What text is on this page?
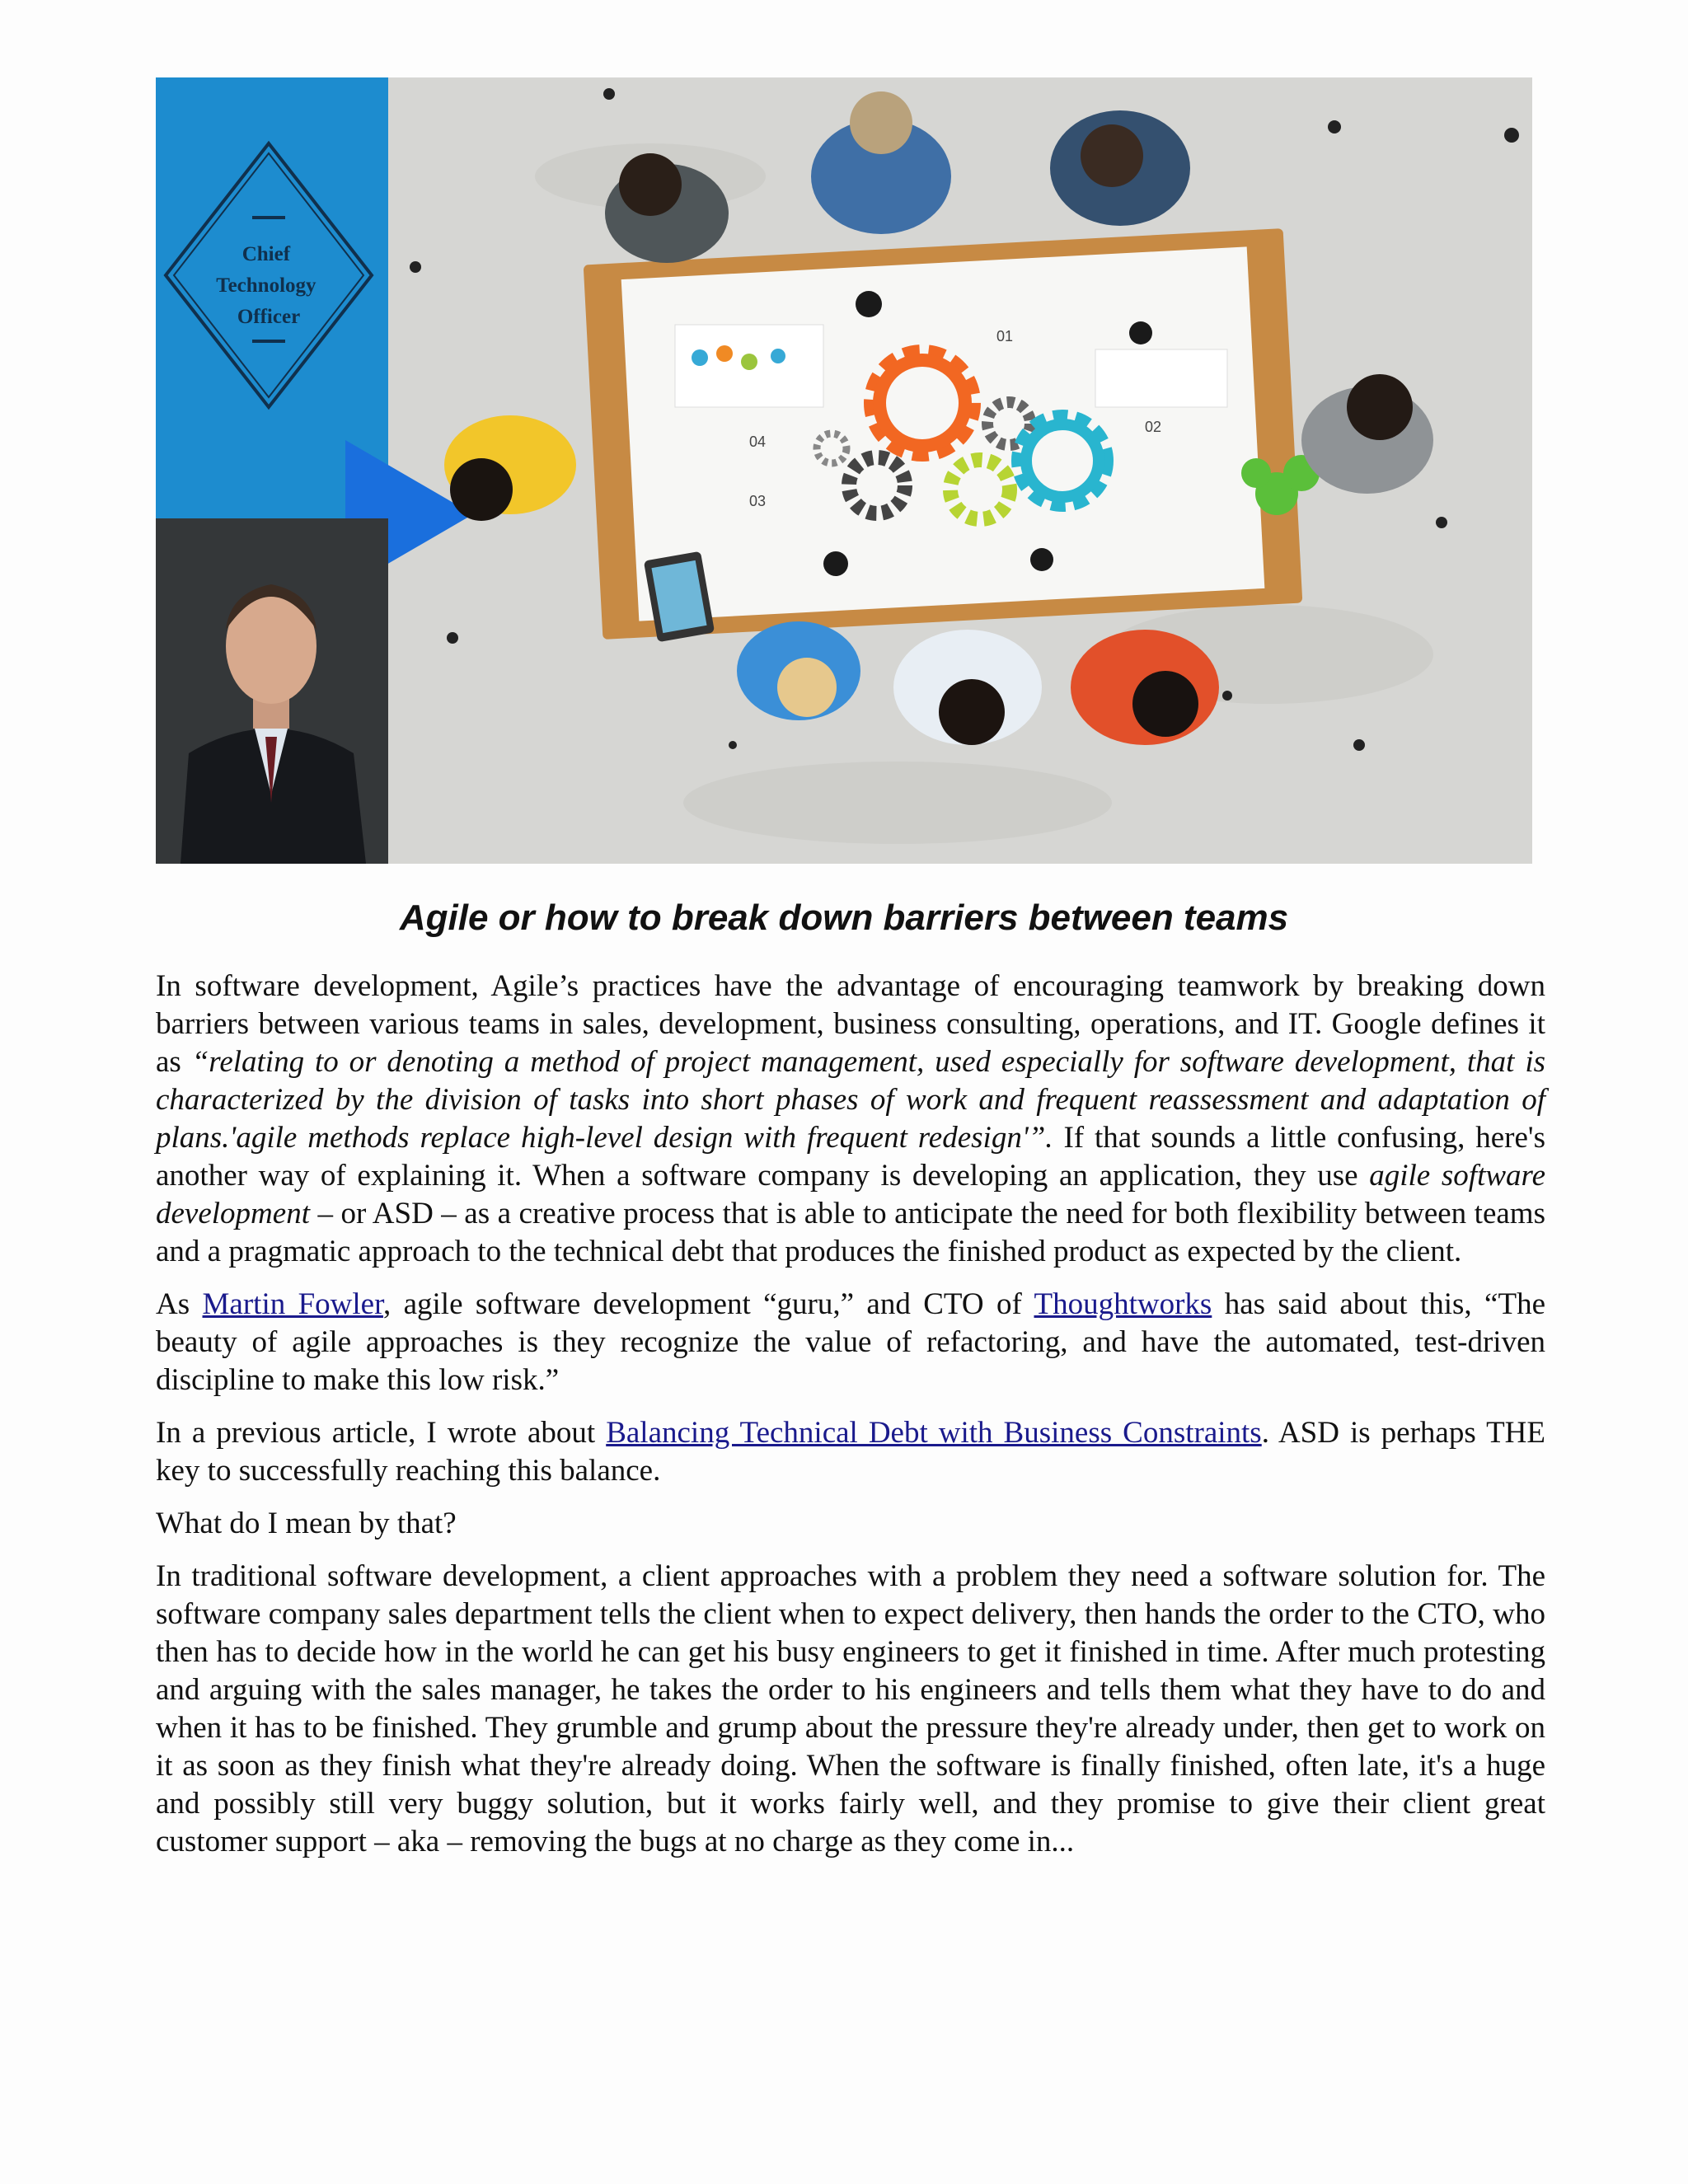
Chief Technology Officer
01
02
03
04
Agile or how to break down barriers between teams

In software development, Agile’s practices have the advantage of encouraging teamwork by breaking down barriers between various teams in sales, development, business consulting, operations, and IT. Google defines it as “relating to or denoting a method of project management, used especially for software development, that is characterized by the division of tasks into short phases of work and frequent reassessment and adaptation of plans.'agile methods replace high-level design with frequent redesign'”. If that sounds a little confusing, here's another way of explaining it. When a software company is developing an application, they use agile software development – or ASD – as a creative process that is able to anticipate the need for both flexibility between teams and a pragmatic approach to the technical debt that produces the finished product as expected by the client.

As Martin Fowler, agile software development “guru,” and CTO of Thoughtworks has said about this, “The beauty of agile approaches is they recognize the value of refactoring, and have the automated, test-driven discipline to make this low risk.”

In a previous article, I wrote about Balancing Technical Debt with Business Constraints. ASD is perhaps THE key to successfully reaching this balance.

What do I mean by that?

In traditional software development, a client approaches with a problem they need a software solution for. The software company sales department tells the client when to expect delivery, then hands the order to the CTO, who then has to decide how in the world he can get his busy engineers to get it finished in time. After much protesting and arguing with the sales manager, he takes the order to his engineers and tells them what they have to do and when it has to be finished. They grumble and grump about the pressure they're already under, then get to work on it as soon as they finish what they're already doing. When the software is finally finished, often late, it's a huge and possibly still very buggy solution, but it works fairly well, and they promise to give their client great customer support – aka – removing the bugs at no charge as they come in...
